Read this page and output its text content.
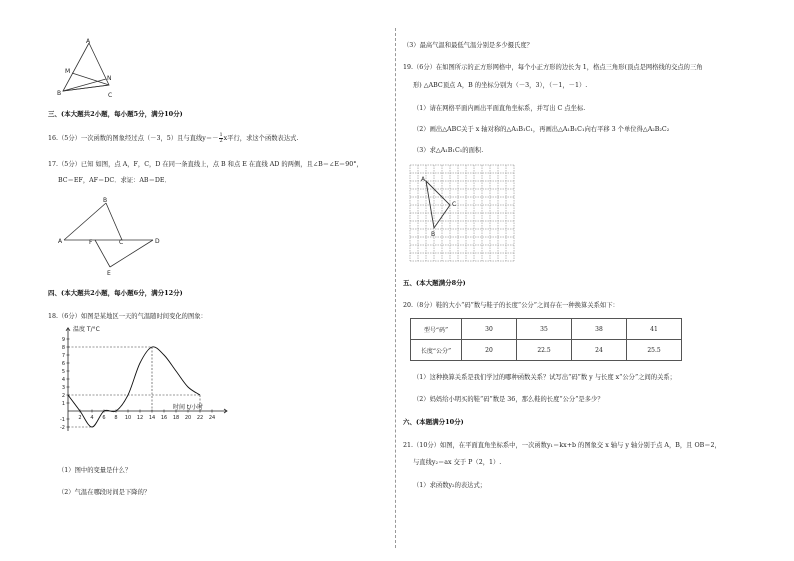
A
M
N
B	C
三、(本大题共2小题，每小题5分，满分10分)
16.（5分）一次函数的图象经过点（－3，5）且与直线$y=- \frac{1}{2}$ x平行，求这个函数表达式.
17.（5分）已知 如图，点 A，F，C，D 在同一条直线上，点 B 和点 E 在直线 AD 的两侧，且∠B＝∠E＝90°，
BC＝EF，AF＝DC．求证：AB＝DE．
A	F	C	D
B
E
四、(本大题共2小题，每小题6分，满分12分)
18.（6分）如图是某地区一天的气温随时间变化的图象：
温度 T/°C
时间 t/小时
9
8
7
6
5
4
3
2
1
-1
-2
2 4 6 8 10 12 14 16 18 20 22 24
（1）图中的变量是什么？
（2）气温在哪段时间是下降的？
（3）最高气温和最低气温分别是多少摄氏度？
19.（6分）在如图所示的正方形网格中，每个小正方形的边长为 1，格点三角形(顶点是网格线的交点的三角
形) △ABC顶点 A，B 的坐标分别为（－3，3），（－1，－1）.
（1）请在网格平面内画出平面直角坐标系，并写出 C 点坐标.
（2）画出△ABC关于 x 轴对称的△A₁B₁C₁，再画出△A₁B₁C₁向右平移 3 个单位得△A₂B₂C₂
（3）求△A₁B₁C₁的面积.
A
C
B
五、(本大题满分8分)
20.（8分）鞋的大小“码”数与鞋子的长度“公分”之间存在一种换算关系如下：
型号“码”	30	35	38	41
长度“公分”	20	22.5	24	25.5
（1）这种换算关系是我们学过的哪种函数关系？试写出“码”数 y 与长度 x“公分”之间的关系；
（2）妈妈给小明买的鞋“码”数是 36，那么鞋的长度“公分”是多少？
六、(本题满分10分)
21.（10分）如图，在平面直角坐标系中，一次函数y₁＝kx+b 的图象交 x 轴与 y 轴分别于点 A，B，且 OB＝2，
与直线y₂＝ax 交于 P（2，1）.
（1）求函数y₂的表达式；
